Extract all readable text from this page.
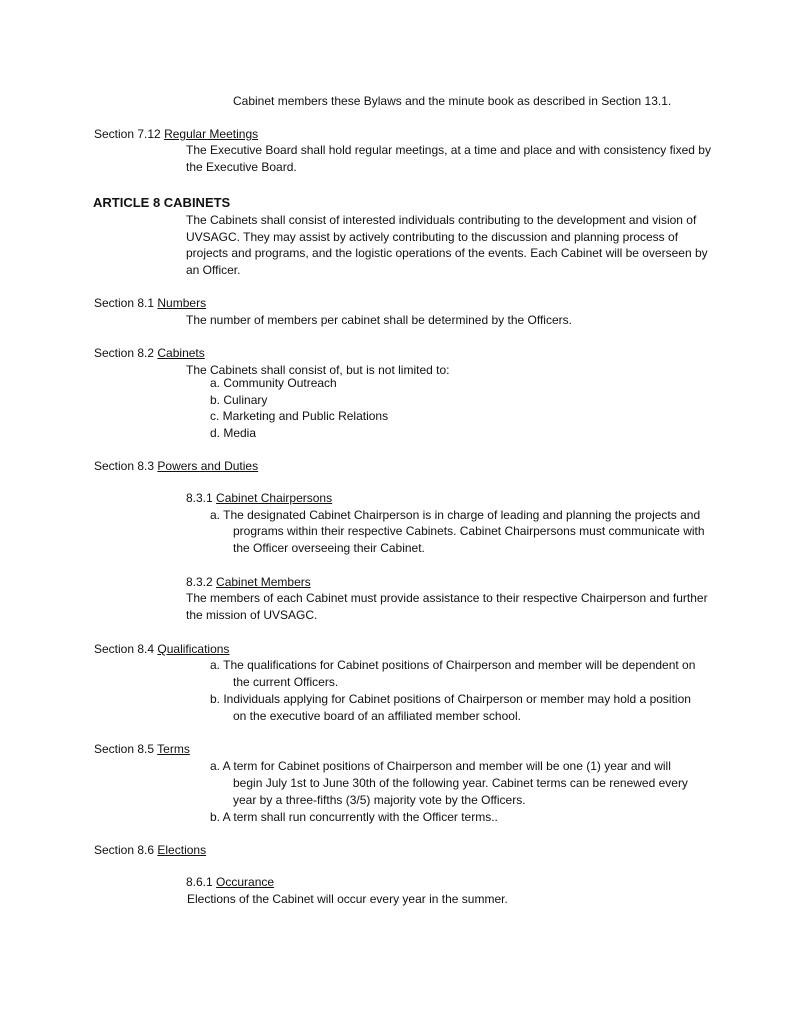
Cabinet members these Bylaws and the minute book as described in Section 13.1.
Section 7.12 Regular Meetings
The Executive Board shall hold regular meetings, at a time and place and with consistency fixed by
the Executive Board.
ARTICLE 8 CABINETS
The Cabinets shall consist of interested individuals contributing to the development and vision of
UVSAGC. They may assist by actively contributing to the discussion and planning process of
projects and programs, and the logistic operations of the events. Each Cabinet will be overseen by
an Officer.
Section 8.1 Numbers
The number of members per cabinet shall be determined by the Officers.
Section 8.2 Cabinets
The Cabinets shall consist of, but is not limited to:
a. Community Outreach
b. Culinary
c. Marketing and Public Relations
d. Media
Section 8.3 Powers and Duties
8.3.1 Cabinet Chairpersons
a. The designated Cabinet Chairperson is in charge of leading and planning the projects and
programs within their respective Cabinets. Cabinet Chairpersons must communicate with
the Officer overseeing their Cabinet.
8.3.2 Cabinet Members
The members of each Cabinet must provide assistance to their respective Chairperson and further
the mission of UVSAGC.
Section 8.4 Qualifications
a. The qualifications for Cabinet positions of Chairperson and member will be dependent on
the current Officers.
b. Individuals applying for Cabinet positions of Chairperson or member may hold a position
on the executive board of an affiliated member school.
Section 8.5 Terms
a. A term for Cabinet positions of Chairperson and member will be one (1) year and will
begin July 1st to June 30th of the following year. Cabinet terms can be renewed every
year by a three-fifths (3/5) majority vote by the Officers.
b. A term shall run concurrently with the Officer terms..
Section 8.6 Elections
8.6.1 Occurance
Elections of the Cabinet will occur every year in the summer.
